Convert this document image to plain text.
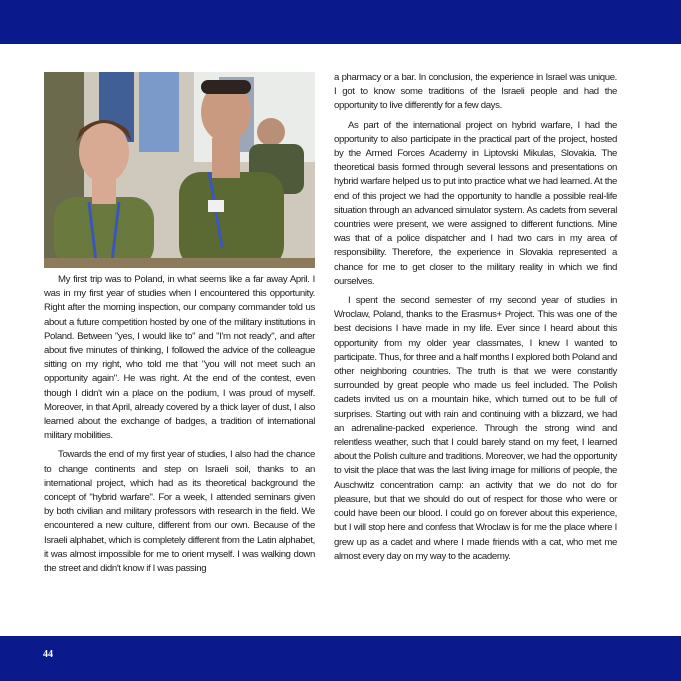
My first trip was to Poland, in what seems like a far away April. I was in my first year of studies when I encountered this opportunity. Right after the morning inspection, our company commander told us about a future competition hosted by one of the military institutions in Poland. Between "yes, I would like to" and "I'm not ready", and after about five minutes of thinking, I followed the advice of the colleague sitting on my right, who told me that "you will not meet such an opportunity again". He was right. At the end of the contest, even though I didn't win a place on the podium, I was proud of myself. Moreover, in that April, already covered by a thick layer of dust, I also learned about the exchange of badges, a tradition of international military mobilities.

Towards the end of my first year of studies, I also had the chance to change continents and step on Israeli soil, thanks to an international project, which had as its theoretical background the concept of "hybrid warfare". For a week, I attended seminars given by both civilian and military professors with research in the field. We encountered a new culture, different from our own. Because of the Israeli alphabet, which is completely different from the Latin alphabet, it was almost impossible for me to orient myself. I was walking down the street and didn't know if I was passing

a pharmacy or a bar. In conclusion, the experience in Israel was unique. I got to know some traditions of the Israeli people and had the opportunity to live differently for a few days.

As part of the international project on hybrid warfare, I had the opportunity to also participate in the practical part of the project, hosted by the Armed Forces Academy in Liptovski Mikulas, Slovakia. The theoretical basis formed through several lessons and presentations on hybrid warfare helped us to put into practice what we had learned. At the end of this project we had the opportunity to handle a possible real-life situation through an advanced simulator system. As cadets from several countries were present, we were assigned to different functions. Mine was that of a police dispatcher and I had two cars in my area of responsibility. Therefore, the experience in Slovakia represented a chance for me to get closer to the military reality in which we find ourselves.

I spent the second semester of my second year of studies in Wroclaw, Poland, thanks to the Erasmus+ Project. This was one of the best decisions I have made in my life. Ever since I heard about this opportunity from my older year classmates, I knew I wanted to participate. Thus, for three and a half months I explored both Poland and other neighboring countries. The truth is that we were constantly surrounded by great people who made us feel included. The Polish cadets invited us on a mountain hike, which turned out to be full of surprises. Starting out with rain and continuing with a blizzard, we had an adrenaline-packed experience. Through the strong wind and relentless weather, such that I could barely stand on my feet, I learned about the Polish culture and traditions. Moreover, we had the opportunity to visit the place that was the last living image for millions of people, the Auschwitz concentration camp: an activity that we do not do for pleasure, but that we should do out of respect for those who were or could have been our blood. I could go on forever about this experience, but I will stop here and confess that Wroclaw is for me the place where I grew up as a cadet and where I made friends with a cat, who met me almost every day on my way to the academy.

44
